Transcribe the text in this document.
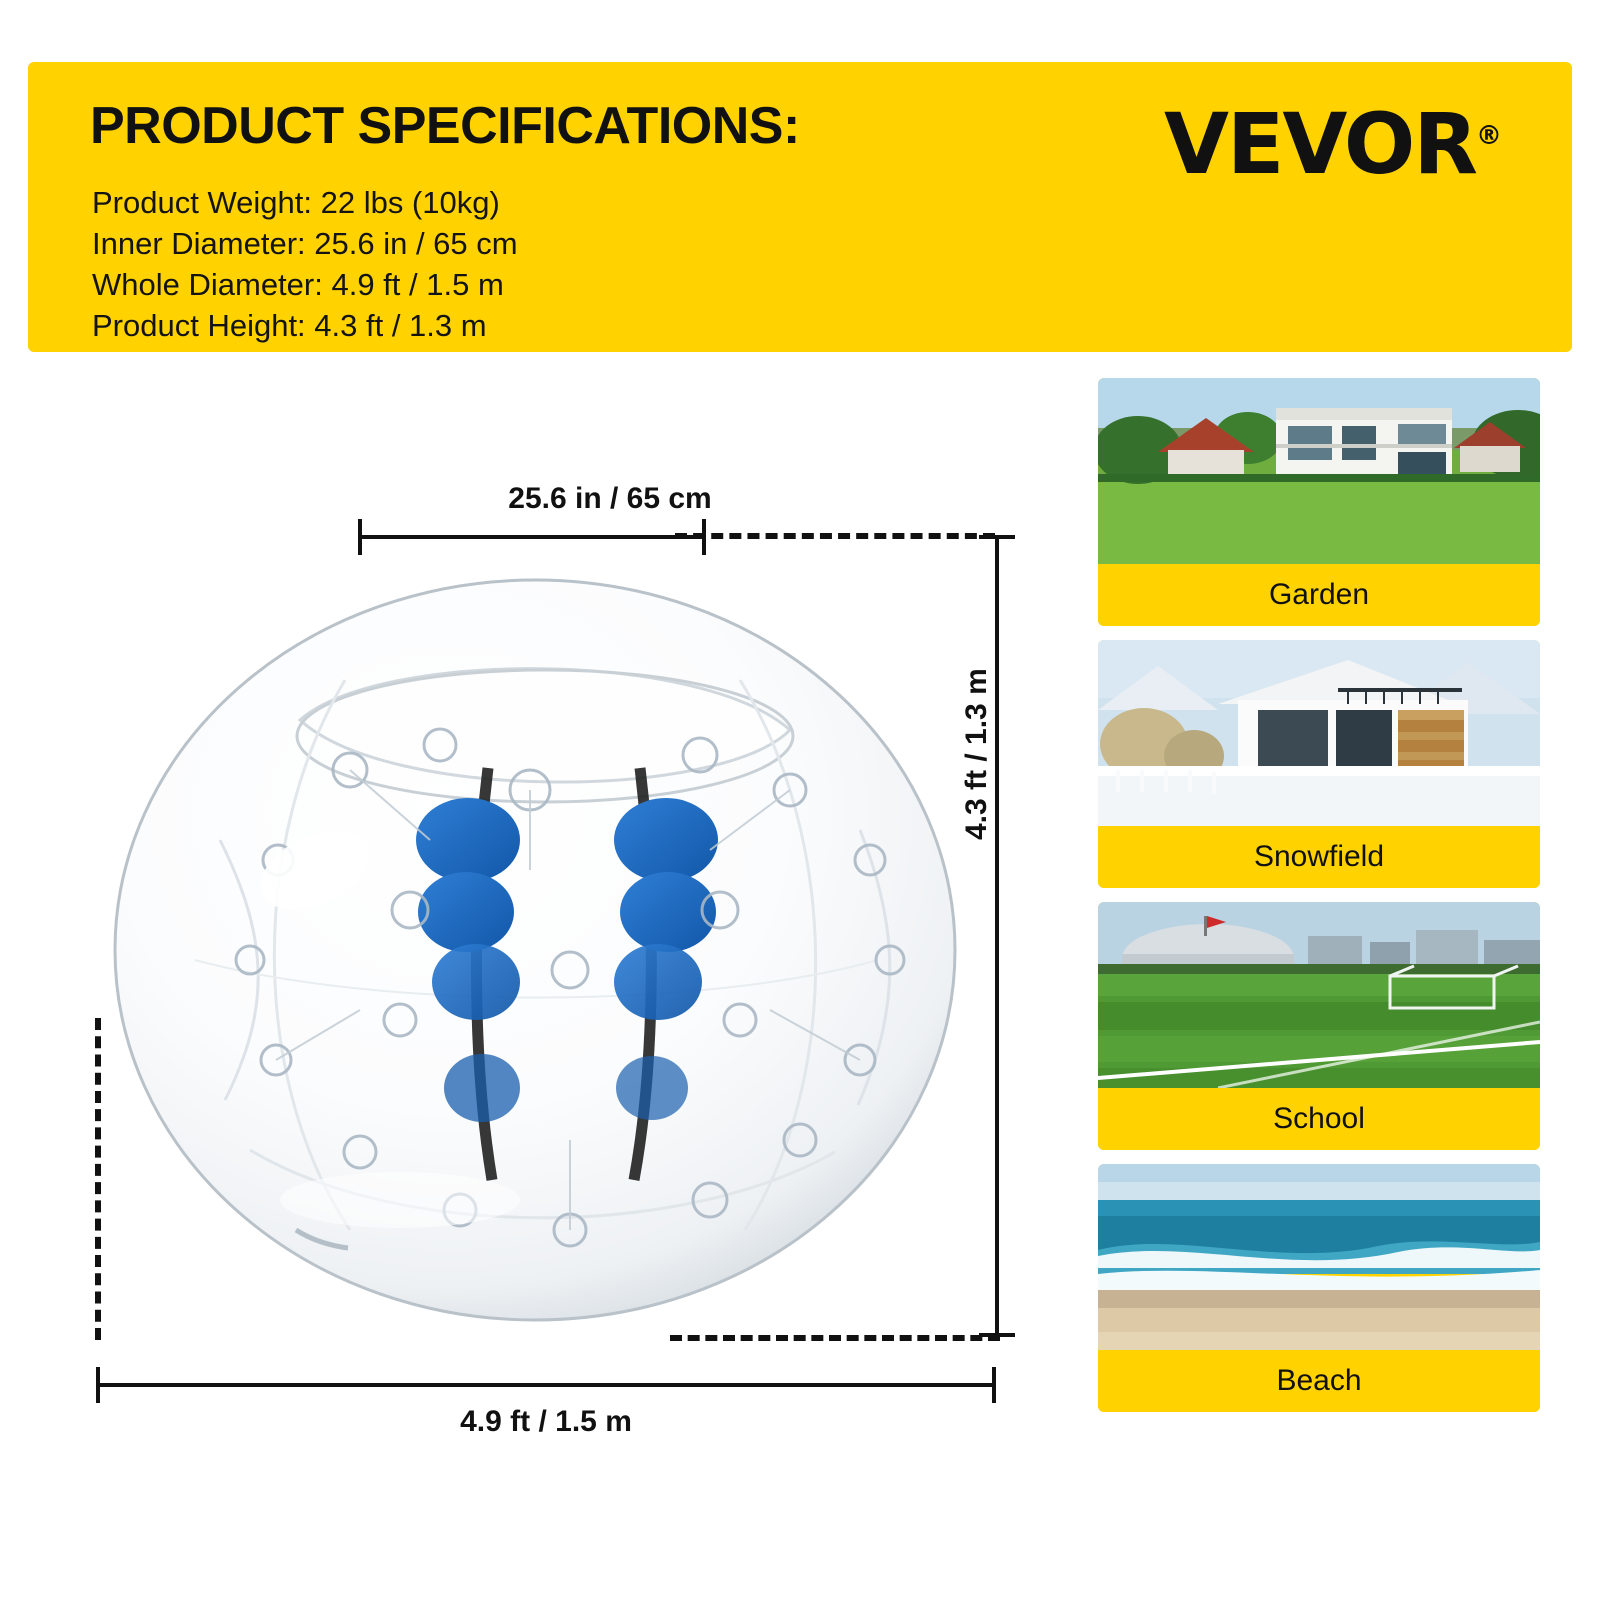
PRODUCT SPECIFICATIONS:
Product Weight: 22 lbs (10kg)
Inner Diameter: 25.6 in / 65 cm
Whole Diameter: 4.9 ft / 1.5 m
Product Height: 4.3 ft / 1.3 m
VEVOR®
25.6 in / 65 cm
4.9 ft / 1.5 m
4.3 ft / 1.3 m
Garden
Snowfield
School
Beach
